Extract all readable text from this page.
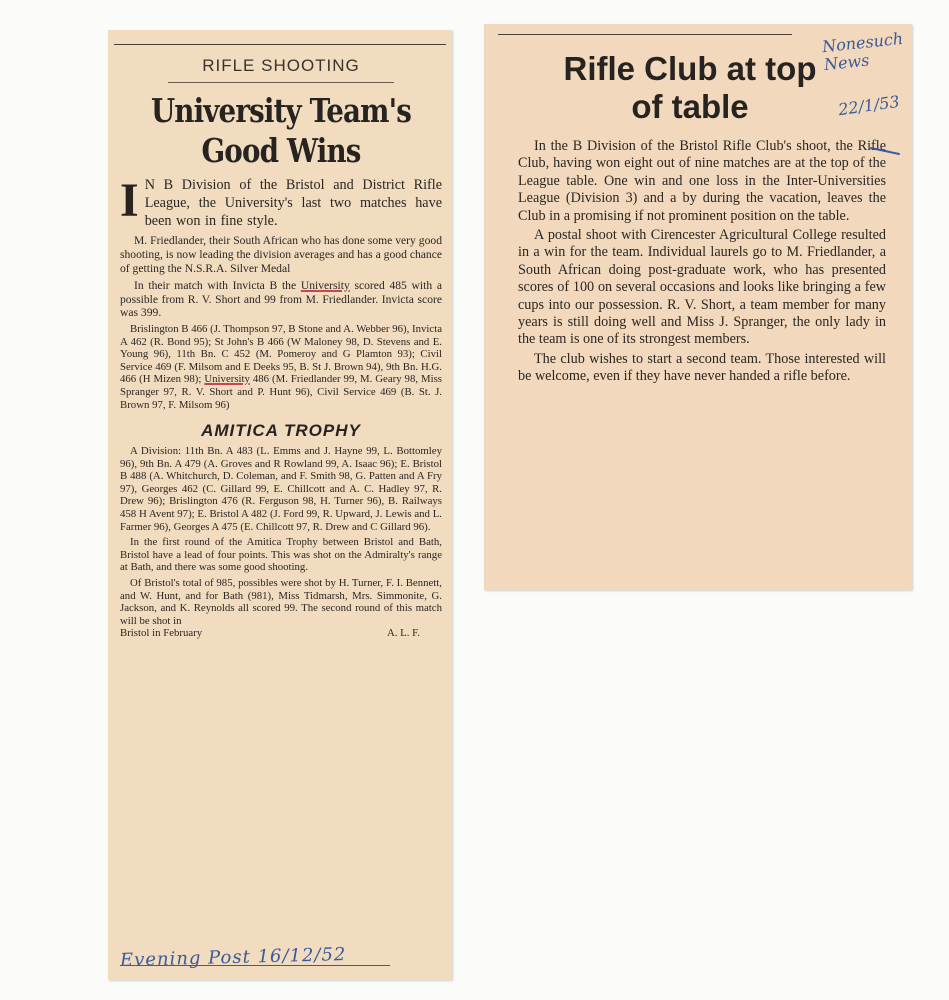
RIFLE SHOOTING
University Team's
Good Wins

I N B Division of the Bristol and District Rifle League, the University's last two matches have been won in fine style.

M. Friedlander, their South African who has done some very good shooting, is now leading the division averages and has a good chance of getting the N.S.R.A. Silver Medal

In their match with Invicta B the University scored 485 with a possible from R. V. Short and 99 from M. Friedlander. Invicta score was 399.

Brislington B 466 (J. Thompson 97, B Stone and A. Webber 96), Invicta A 462 (R. Bond 95); St John's B 466 (W Maloney 98, D. Stevens and E. Young 96), 11th Bn. C 452 (M. Pomeroy and G Plamton 93); Civil Service 469 (F. Milsom and E Deeks 95, B. St J. Brown 94), 9th Bn. H.G. 466 (H Mizen 98); University 486 (M. Friedlander 99, M. Geary 98, Miss Spranger 97, R. V. Short and P. Hunt 96), Civil Service 469 (B. St. J. Brown 97, F. Milsom 96)

AMITICA TROPHY

A Division: 11th Bn. A 483 (L. Emms and J. Hayne 99, L. Bottomley 96), 9th Bn. A 479 (A. Groves and R Rowland 99, A. Isaac 96); E. Bristol B 488 (A. Whitchurch, D. Coleman, and F. Smith 98, G. Patten and A Fry 97), Georges 462 (C. Gillard 99, E. Chillcott and A. C. Hadley 97, R. Drew 96); Brislington 476 (R. Ferguson 98, H. Turner 96), B. Railways 458 H Avent 97); E. Bristol A 482 (J. Ford 99, R. Upward, J. Lewis and L. Farmer 96), Georges A 475 (E. Chillcott 97, R. Drew and C Gillard 96).

In the first round of the Amitica Trophy between Bristol and Bath, Bristol have a lead of four points. This was shot on the Admiralty's range at Bath, and there was some good shooting.

Of Bristol's total of 985, possibles were shot by H. Turner, F. I. Bennett, and W. Hunt, and for Bath (981), Miss Tidmarsh, Mrs. Simmonite, G. Jackson, and K. Reynolds all scored 99. The second round of this match will be shot in

Bristol in February	A. L. F.

Evening Post 16/12/52
Rifle Club at top
of table

In the B Division of the Bristol Rifle Club's shoot, the Rifle Club, having won eight out of nine matches are at the top of the League table. One win and one loss in the Inter-Universities League (Division 3) and a by during the vacation, leaves the Club in a promising if not prominent position on the table.

A postal shoot with Cirencester Agricultural College resulted in a win for the team. Individual laurels go to M. Friedlander, a South African doing post-graduate work, who has presented scores of 100 on several occasions and looks like bringing a few cups into our possession. R. V. Short, a team member for many years is still doing well and Miss J. Spranger, the only lady in the team is one of its strongest members.

The club wishes to start a second team. Those interested will be welcome, even if they have never handed a rifle before.

Nonesuch
News
22/1/53
